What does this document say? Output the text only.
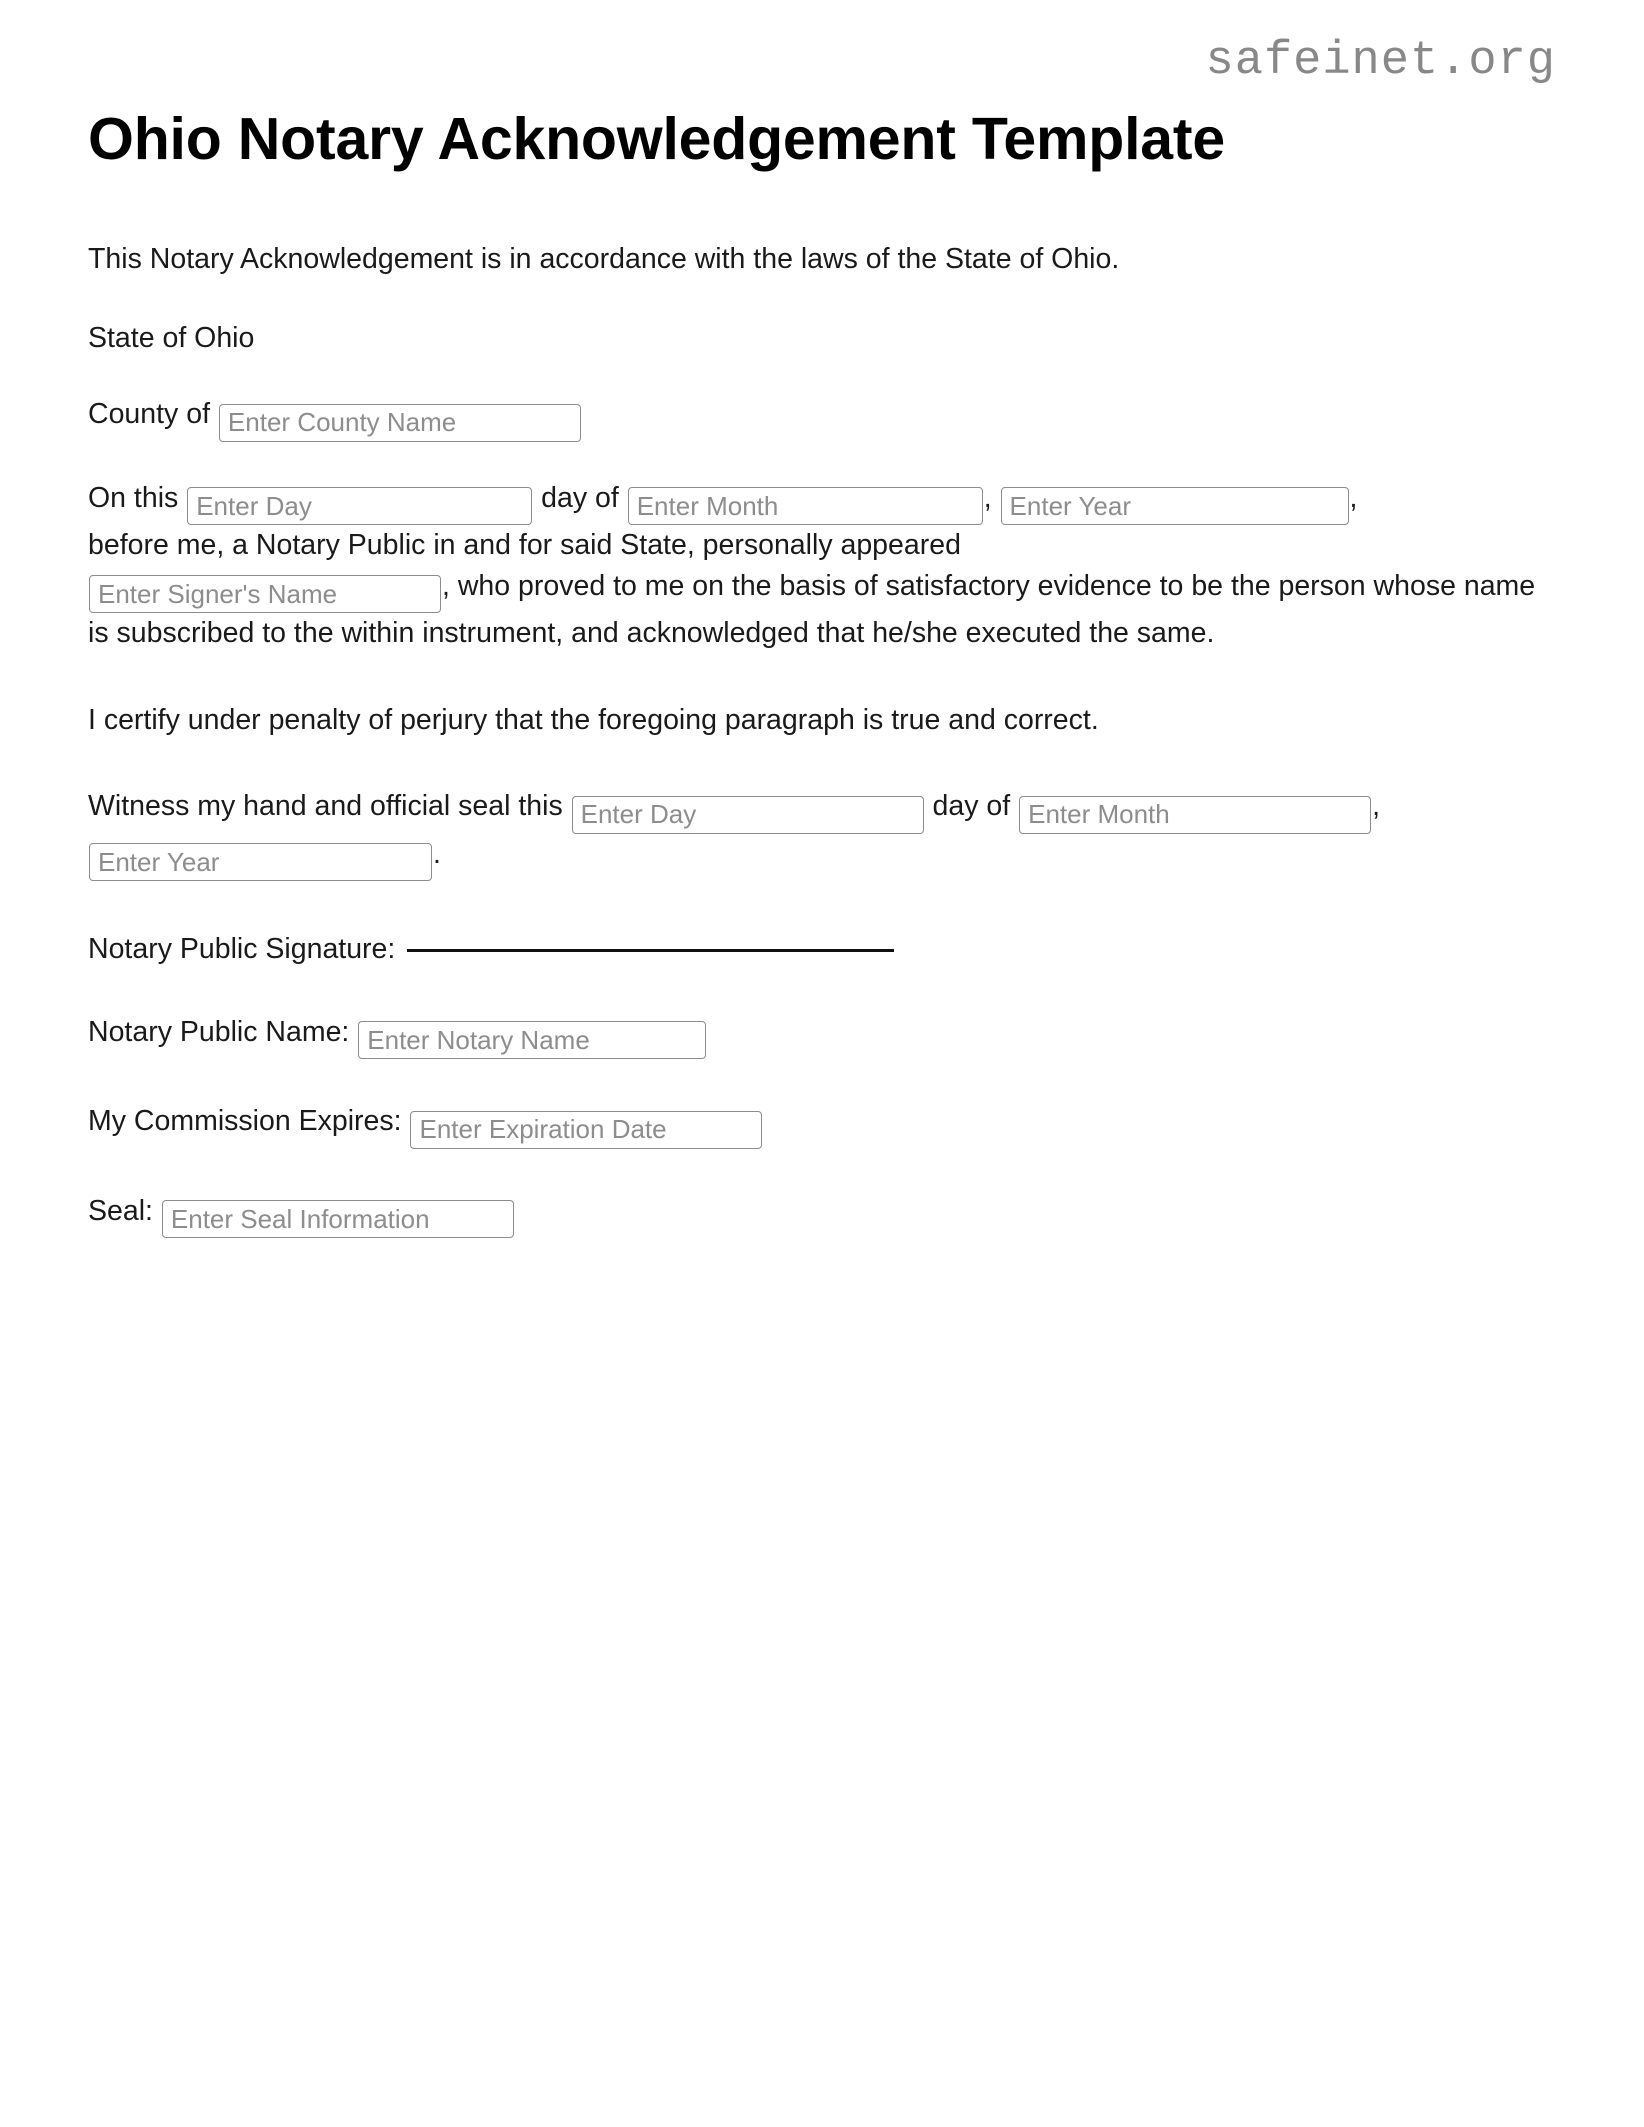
safeinet.org
Ohio Notary Acknowledgement Template

This Notary Acknowledgement is in accordance with the laws of the State of Ohio.

State of Ohio

County of Enter County Name

On this Enter Day	day of Enter Month	, Enter Year	,
before me, a Notary Public in and for said State, personally appeared
Enter Signer's Name, who proved to me on the basis of satisfactory evidence to be the person whose name is subscribed to the within instrument, and acknowledged that he/she executed the same.

I certify under penalty of perjury that the foregoing paragraph is true and correct.

Witness my hand and official seal this Enter Day	day of Enter Month	, Enter Year.

Notary Public Signature:

Notary Public Name: Enter Notary Name

My Commission Expires: Enter Expiration Date

Seal: Enter Seal Information
